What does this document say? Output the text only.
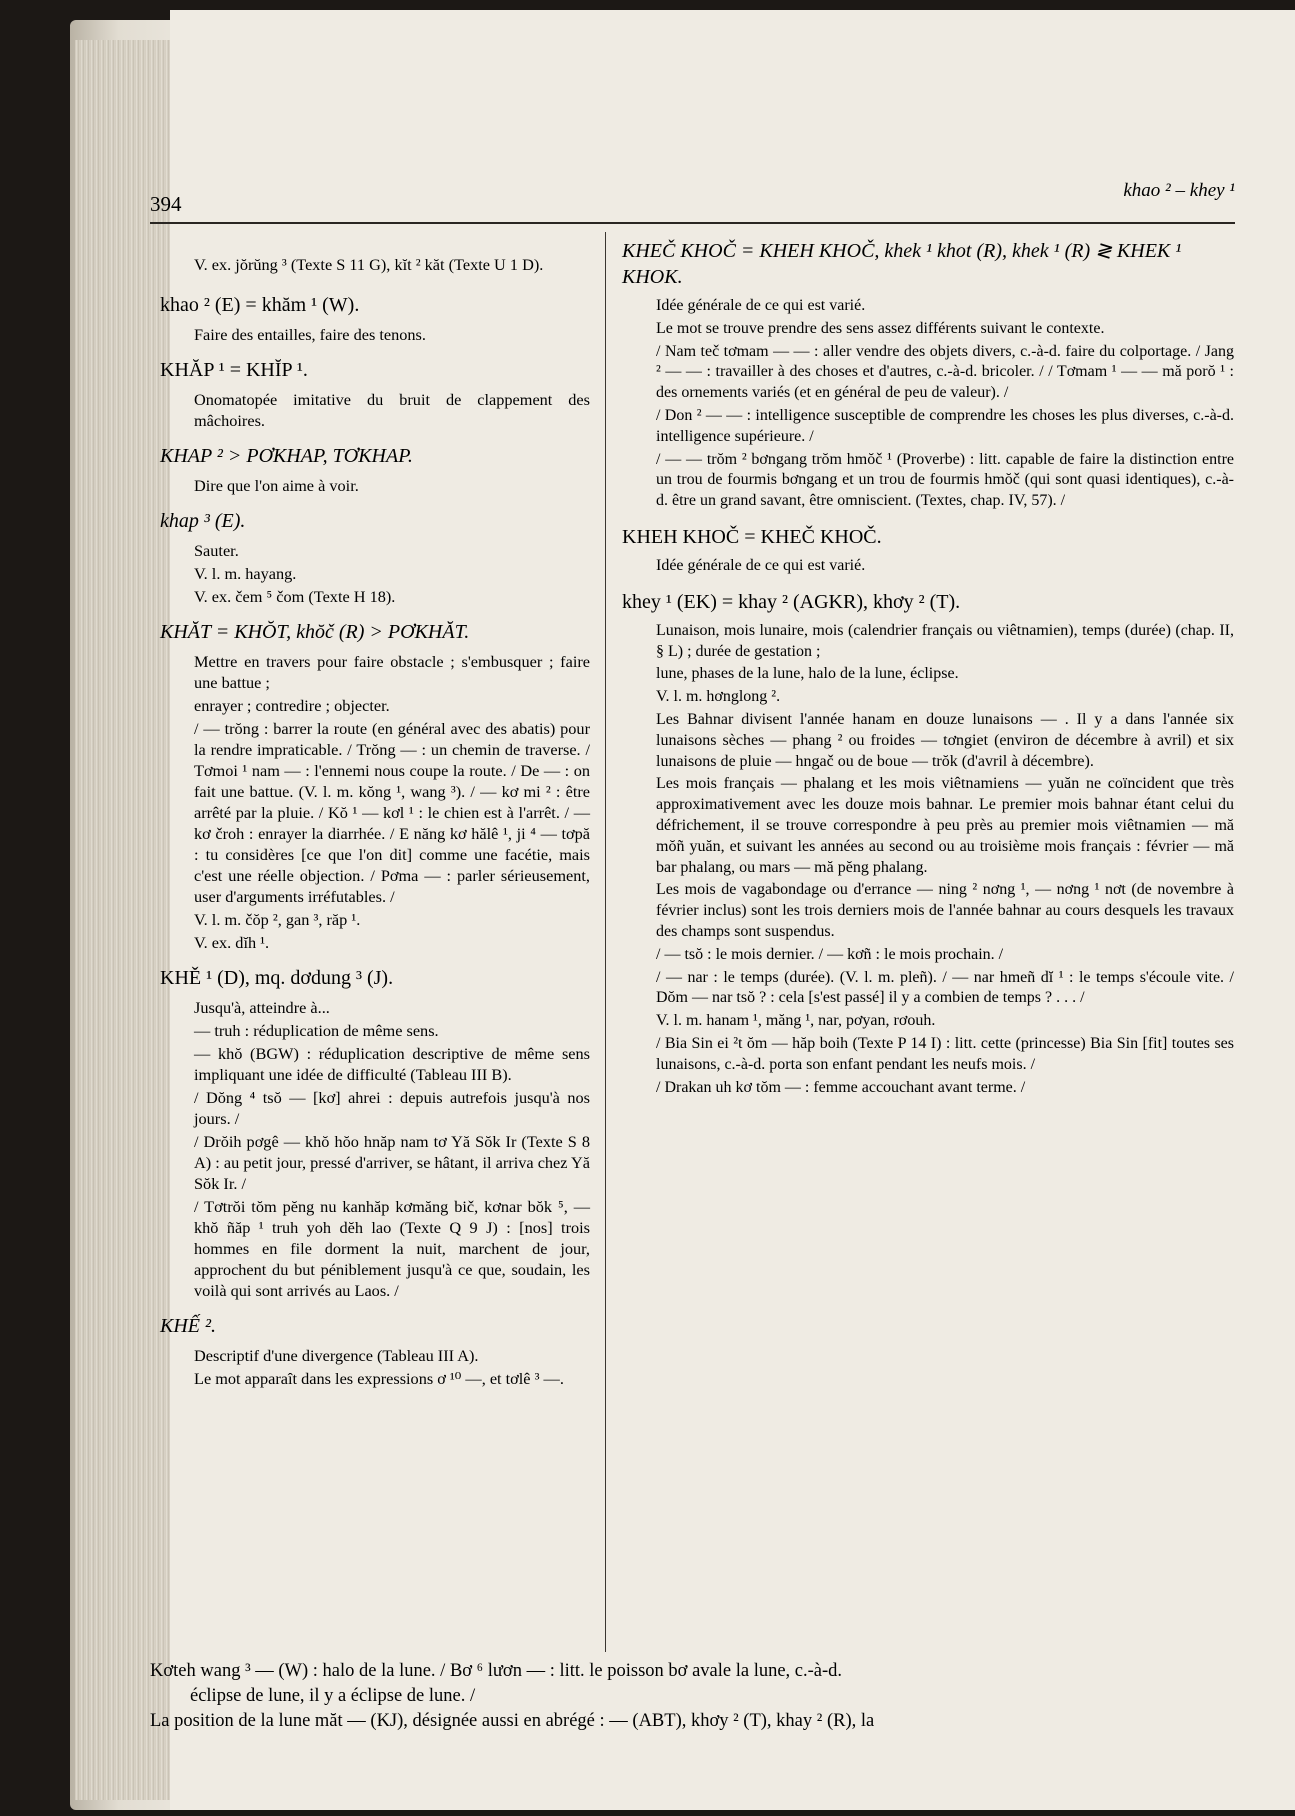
394
khao ² – khey ¹

V. ex. jŏrŭng ³ (Texte S 11 G), kĭt ² kăt (Texte U 1 D).

khao ² (E) = khăm ¹ (W).

Faire des entailles, faire des tenons.

KHĂP ¹ = KHĬP ¹.

Onomatopée imitative du bruit de clappement des mâchoires.

KHAP ² > PƠKHAP, TƠKHAP.

Dire que l'on aime à voir.

khap ³ (E).

Sauter.

V. l. m. hayang.

V. ex. čem ⁵ čom (Texte H 18).

KHĂT = KHŎT, khŏč (R) > PƠKHĂT.

Mettre en travers pour faire obstacle ; s'embusquer ; faire une battue ;

enrayer ; contredire ; objecter.

/ — trŏng : barrer la route (en général avec des abatis) pour la rendre impraticable. / Trŏng — : un chemin de traverse. / Tơmoi ¹ nam — : l'ennemi nous coupe la route. / De — : on fait une battue. (V. l. m. kŏng ¹, wang ³). / — kơ mi ² : être arrêté par la pluie. / Kŏ ¹ — kơl ¹ : le chien est à l'arrêt. / — kơ čroh : enrayer la diarrhée. / E năng kơ hălê ¹, ji ⁴ — tơpă : tu considères [ce que l'on dit] comme une facétie, mais c'est une réelle objection. / Pơma — : parler sérieusement, user d'arguments irréfutables. /

V. l. m. čŏp ², gan ³, răp ¹.

V. ex. dĭh ¹.

KHĚ ¹ (D), mq. dơdung ³ (J).

Jusqu'à, atteindre à...

— truh : réduplication de même sens.

— khŏ (BGW) : réduplication descriptive de même sens impliquant une idée de difficulté (Tableau III B).

/ Dŏng ⁴ tsŏ — [kơ] ahrei : depuis autrefois jusqu'à nos jours. /

/ Drŏih pơgê — khŏ hŏo hnăp nam tơ Yă Sŏk Ir (Texte S 8 A) : au petit jour, pressé d'arriver, se hâtant, il arriva chez Yă Sŏk Ir. /

/ Tơtrŏi tŏm pĕng nu kanhăp kơmăng bič, kơnar bŏk ⁵, — khŏ ñăp ¹ truh yoh dĕh lao (Texte Q 9 J) : [nos] trois hommes en file dorment la nuit, marchent de jour, approchent du but péniblement jusqu'à ce que, soudain, les voilà qui sont arrivés au Laos. /

KHẾ ².

Descriptif d'une divergence (Tableau III A).

Le mot apparaît dans les expressions ơ ¹⁰ —, et tơlê ³ —.

KHEČ KHOČ = KHEH KHOČ, khek ¹ khot (R), khek ¹ (R) ≷ KHEK ¹ KHOK.

Idée générale de ce qui est varié.

Le mot se trouve prendre des sens assez différents suivant le contexte.

/ Nam teč tơmam — — : aller vendre des objets divers, c.-à-d. faire du colportage. / Jang ² — — : travailler à des choses et d'autres, c.-à-d. bricoler. / / Tơmam ¹ — — mă porŏ ¹ : des ornements variés (et en général de peu de valeur). /

/ Don ² — — : intelligence susceptible de comprendre les choses les plus diverses, c.-à-d. intelligence supérieure. /

/ — — trŏm ² bơngang trŏm hmŏč ¹ (Proverbe) : litt. capable de faire la distinction entre un trou de fourmis bơngang et un trou de fourmis hmŏč (qui sont quasi identiques), c.-à-d. être un grand savant, être omniscient. (Textes, chap. IV, 57). /

KHEH KHOČ = KHEČ KHOČ.

Idée générale de ce qui est varié.

khey ¹ (EK) = khay ² (AGKR), khơy ² (T).

Lunaison, mois lunaire, mois (calendrier français ou viêtnamien), temps (durée) (chap. II, § L) ; durée de gestation ;

lune, phases de la lune, halo de la lune, éclipse.

V. l. m. hơnglong ².

Les Bahnar divisent l'année hanam en douze lunaisons — . Il y a dans l'année six lunaisons sèches — phang ² ou froides — tơngiet (environ de décembre à avril) et six lunaisons de pluie — hngač ou de boue — trŏk (d'avril à décembre).

Les mois français — phalang et les mois viêtnamiens — yuăn ne coïncident que très approximativement avec les douze mois bahnar. Le premier mois bahnar étant celui du défrichement, il se trouve correspondre à peu près au premier mois viêtnamien — mă mŏñ yuăn, et suivant les années au second ou au troisième mois français : février — mă bar phalang, ou mars — mă pĕng phalang.

Les mois de vagabondage ou d'errance — ning ² nơng ¹, — nơng ¹ nơt (de novembre à février inclus) sont les trois derniers mois de l'année bahnar au cours desquels les travaux des champs sont suspendus.

/ — tsŏ : le mois dernier. / — kơñ : le mois prochain. /

/ — nar : le temps (durée). (V. l. m. pleñ). / — nar hmeñ dĭ ¹ : le temps s'écoule vite. / Dŏm — nar tsŏ ? : cela [s'est passé] il y a combien de temps ? . . . /

V. l. m. hanam ¹, măng ¹, nar, pơyan, rơouh.

/ Bia Sin ei ²t ŏm — hăp boih (Texte P 14 I) : litt. cette (princesse) Bia Sin [fit] toutes ses lunaisons, c.-à-d. porta son enfant pendant les neufs mois. /

/ Drakan uh kơ tŏm — : femme accouchant avant terme. /

Kơteh wang ³ — (W) : halo de la lune. / Bơ ⁶ lươn — : litt. le poisson bơ avale la lune, c.-à-d.

éclipse de lune, il y a éclipse de lune. /

La position de la lune măt — (KJ), désignée aussi en abrégé : — (ABT), khơy ² (T), khay ² (R), la
